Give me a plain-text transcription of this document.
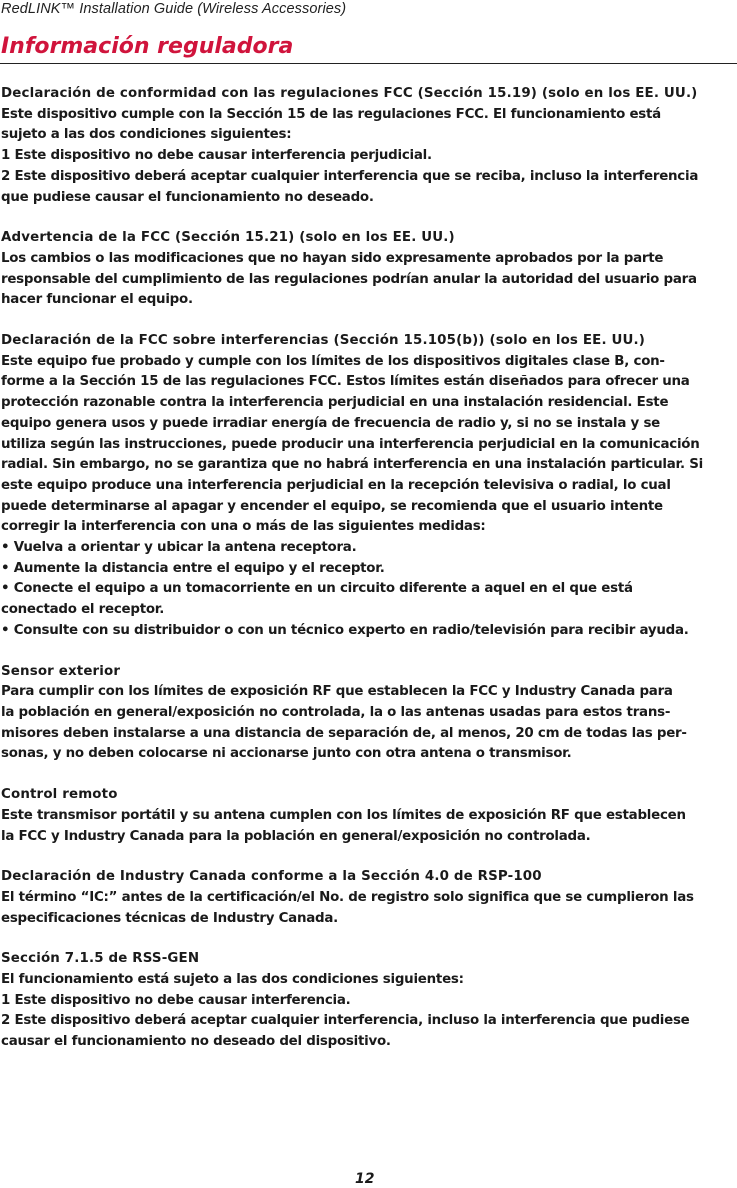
RedLINK™ Installation Guide (Wireless Accessories)
Información reguladora
Declaración de conformidad con las regulaciones FCC (Sección 15.19) (solo en los EE. UU.)
Este dispositivo cumple con la Sección 15 de las regulaciones FCC. El funcionamiento está
sujeto a las dos condiciones siguientes:
1 Este dispositivo no debe causar interferencia perjudicial.
2 Este dispositivo deberá aceptar cualquier interferencia que se reciba, incluso la interferencia
que pudiese causar el funcionamiento no deseado.
Advertencia de la FCC (Sección 15.21) (solo en los EE. UU.)
Los cambios o las modificaciones que no hayan sido expresamente aprobados por la parte
responsable del cumplimiento de las regulaciones podrían anular la autoridad del usuario para
hacer funcionar el equipo.
Declaración de la FCC sobre interferencias (Sección 15.105(b)) (solo en los EE. UU.)
Este equipo fue probado y cumple con los límites de los dispositivos digitales clase B, con-
forme a la Sección 15 de las regulaciones FCC. Estos límites están diseñados para ofrecer una
protección razonable contra la interferencia perjudicial en una instalación residencial. Este
equipo genera usos y puede irradiar energía de frecuencia de radio y, si no se instala y se
utiliza según las instrucciones, puede producir una interferencia perjudicial en la comunicación
radial. Sin embargo, no se garantiza que no habrá interferencia en una instalación particular. Si
este equipo produce una interferencia perjudicial en la recepción televisiva o radial, lo cual
puede determinarse al apagar y encender el equipo, se recomienda que el usuario intente
corregir la interferencia con una o más de las siguientes medidas:
• Vuelva a orientar y ubicar la antena receptora.
• Aumente la distancia entre el equipo y el receptor.
• Conecte el equipo a un tomacorriente en un circuito diferente a aquel en el que está
conectado el receptor.
• Consulte con su distribuidor o con un técnico experto en radio/televisión para recibir ayuda.
Sensor exterior
Para cumplir con los límites de exposición RF que establecen la FCC y Industry Canada para
la población en general/exposición no controlada, la o las antenas usadas para estos trans-
misores deben instalarse a una distancia de separación de, al menos, 20 cm de todas las per-
sonas, y no deben colocarse ni accionarse junto con otra antena o transmisor.
Control remoto
Este transmisor portátil y su antena cumplen con los límites de exposición RF que establecen
la FCC y Industry Canada para la población en general/exposición no controlada.
Declaración de Industry Canada conforme a la Sección 4.0 de RSP-100
El término “IC:” antes de la certificación/el No. de registro solo significa que se cumplieron las
especificaciones técnicas de Industry Canada.
Sección 7.1.5 de RSS-GEN
El funcionamiento está sujeto a las dos condiciones siguientes:
1 Este dispositivo no debe causar interferencia.
2 Este dispositivo deberá aceptar cualquier interferencia, incluso la interferencia que pudiese
causar el funcionamiento no deseado del dispositivo.
12
